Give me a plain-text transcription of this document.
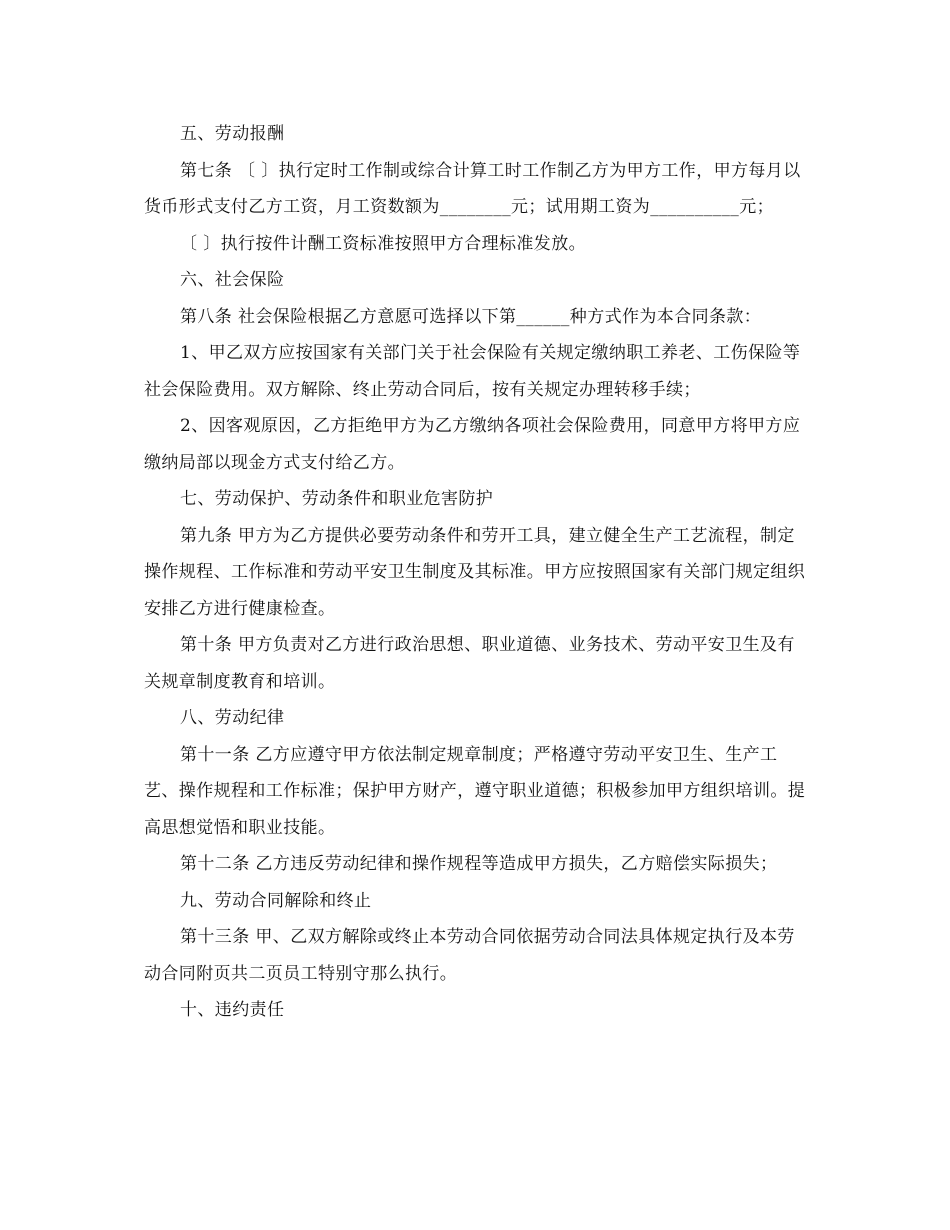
五、劳动报酬

第七条 〔 〕执行定时工作制或综合计算工时工作制乙方为甲方工作，甲方每月以货币形式支付乙方工资，月工资数额为________元；试用期工资为__________元；

〔 〕执行按件计酬工资标准按照甲方合理标准发放。

六、社会保险

第八条 社会保险根据乙方意愿可选择以下第______种方式作为本合同条款：

1、甲乙双方应按国家有关部门关于社会保险有关规定缴纳职工养老、工伤保险等社会保险费用。双方解除、终止劳动合同后，按有关规定办理转移手续；

2、因客观原因，乙方拒绝甲方为乙方缴纳各项社会保险费用，同意甲方将甲方应缴纳局部以现金方式支付给乙方。

七、劳动保护、劳动条件和职业危害防护

第九条 甲方为乙方提供必要劳动条件和劳开工具，建立健全生产工艺流程，制定操作规程、工作标准和劳动平安卫生制度及其标准。甲方应按照国家有关部门规定组织安排乙方进行健康检查。

第十条 甲方负责对乙方进行政治思想、职业道德、业务技术、劳动平安卫生及有关规章制度教育和培训。

八、劳动纪律

第十一条 乙方应遵守甲方依法制定规章制度；严格遵守劳动平安卫生、生产工艺、操作规程和工作标准；保护甲方财产，遵守职业道德；积极参加甲方组织培训。提高思想觉悟和职业技能。

第十二条 乙方违反劳动纪律和操作规程等造成甲方损失，乙方赔偿实际损失；

九、劳动合同解除和终止

第十三条 甲、乙双方解除或终止本劳动合同依据劳动合同法具体规定执行及本劳动合同附页共二页员工特别守那么执行。

十、违约责任
